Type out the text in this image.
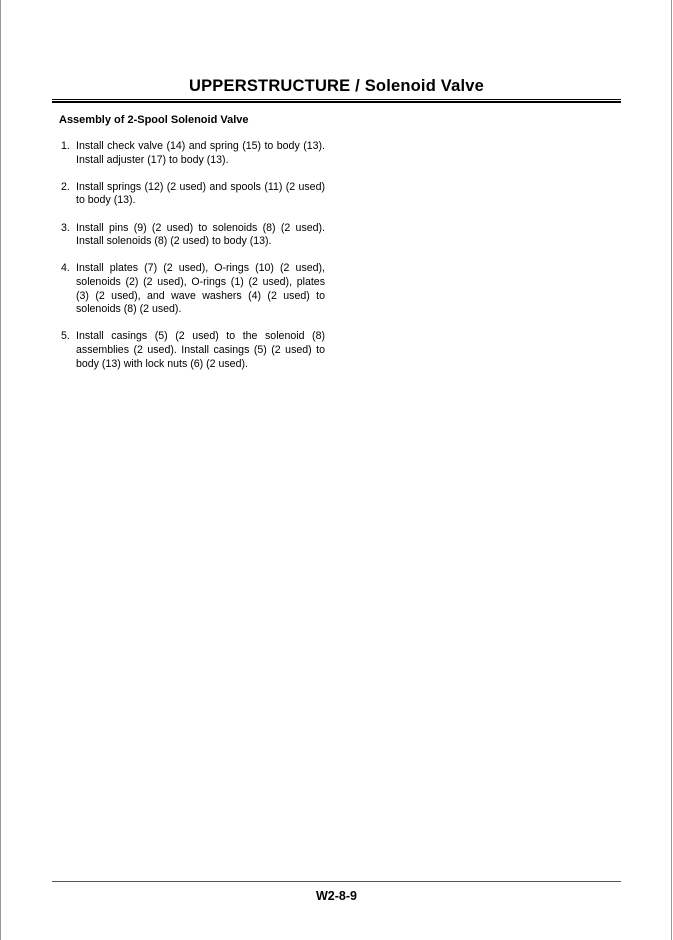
UPPERSTRUCTURE / Solenoid Valve
Assembly of 2-Spool Solenoid Valve
1. Install check valve (14) and spring (15) to body (13). Install adjuster (17) to body (13).
2. Install springs (12) (2 used) and spools (11) (2 used) to body (13).
3. Install pins (9) (2 used) to solenoids (8) (2 used). Install solenoids (8) (2 used) to body (13).
4. Install plates (7) (2 used), O-rings (10) (2 used), solenoids (2) (2 used), O-rings (1) (2 used), plates (3) (2 used), and wave washers (4) (2 used) to solenoids (8) (2 used).
5. Install casings (5) (2 used) to the solenoid (8) assemblies (2 used). Install casings (5) (2 used) to body (13) with lock nuts (6) (2 used).
W2-8-9
